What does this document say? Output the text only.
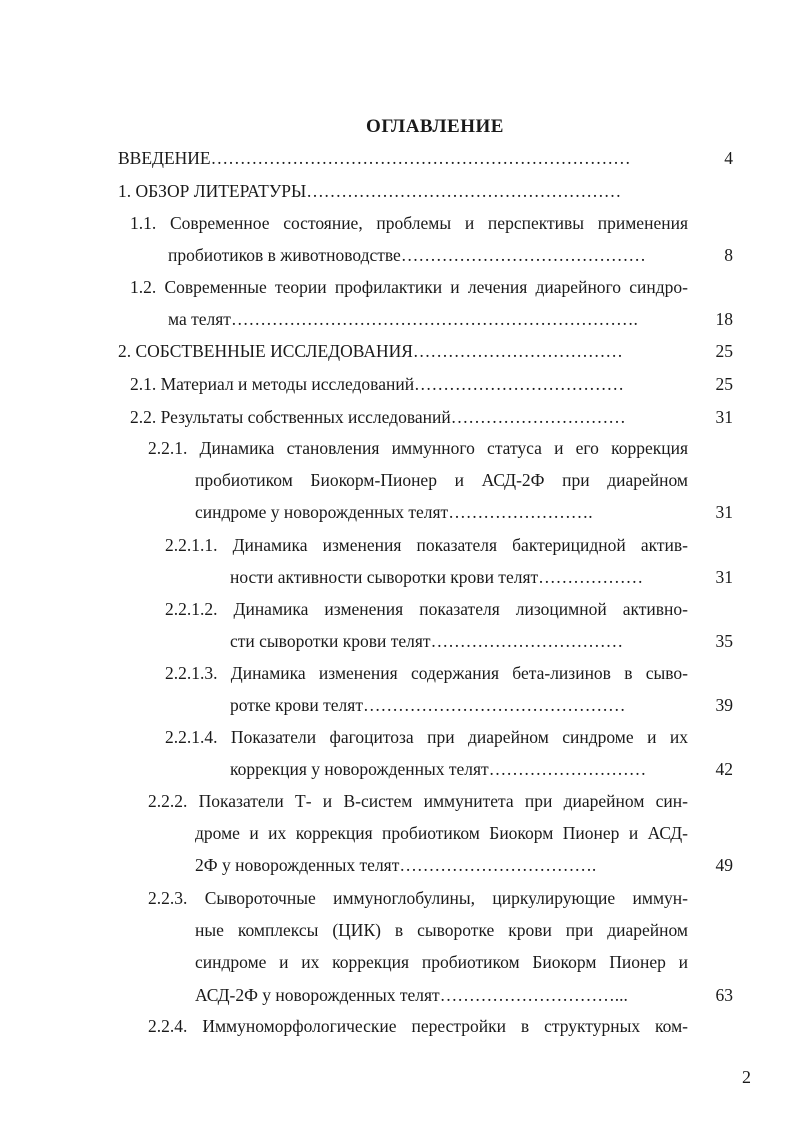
ОГЛАВЛЕНИЕ
ВВЕДЕНИЕ………………………………………………………………	4
1. ОБЗОР ЛИТЕРАТУРЫ………………………………………………
1.1. Современное состояние, проблемы и перспективы применения
пробиотиков в животноводстве……………………………………	8
1.2. Современные теории профилактики и лечения диарейного синдро-
ма телят…………………………………………………………….	18
2. СОБСТВЕННЫЕ ИССЛЕДОВАНИЯ………………………………	25
2.1. Материал и методы исследований………………………………	25
2.2. Результаты собственных исследований…………………………	31
2.2.1. Динамика становления иммунного статуса и его коррекция
пробиотиком Биокорм-Пионер и АСД-2Ф при диарейном
синдроме у новорожденных телят…………………….	31
2.2.1.1. Динамика изменения показателя бактерицидной актив-
ности активности сыворотки крови телят………………	31
2.2.1.2. Динамика изменения показателя лизоцимной активно-
сти сыворотки крови телят……………………………	35
2.2.1.3. Динамика изменения содержания бета-лизинов в сыво-
ротке крови телят………………………………………	39
2.2.1.4. Показатели фагоцитоза при диарейном синдроме и их
коррекция у новорожденных телят………………………	42
2.2.2. Показатели Т- и В-систем иммунитета при диарейном син-
дроме и их коррекция пробиотиком Биокорм Пионер и АСД-
2Ф у новорожденных телят…………………………….	49
2.2.3. Сывороточные иммуноглобулины, циркулирующие иммун-
ные комплексы (ЦИК) в сыворотке крови при диарейном
синдроме и их коррекция пробиотиком Биокорм Пионер и
АСД-2Ф у новорожденных телят…………………………...	63
2.2.4. Иммуноморфологические перестройки в структурных ком-
2
